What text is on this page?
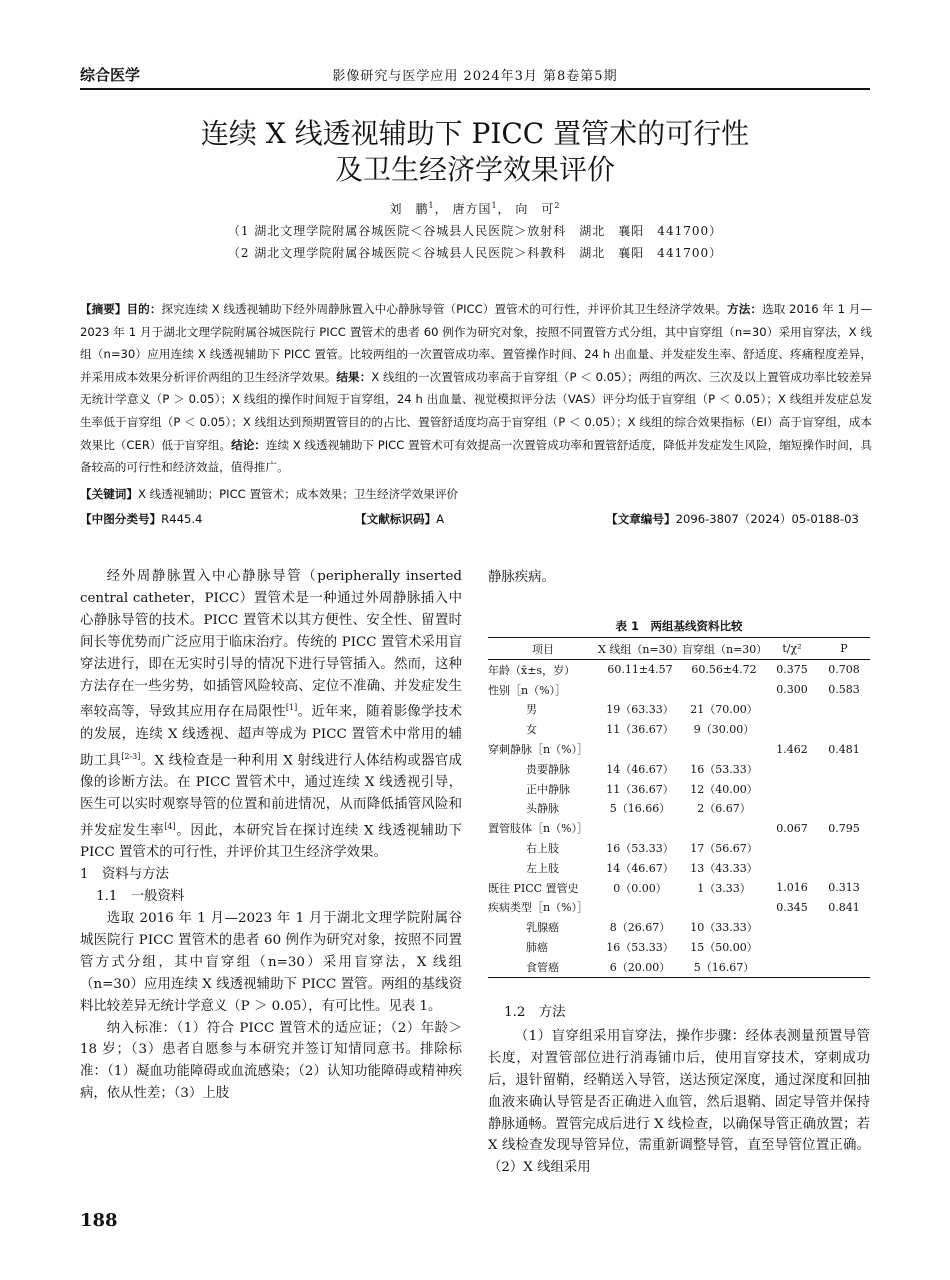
综合医学	影像研究与医学应用 2024年3月 第8卷第5期
连续 X 线透视辅助下 PICC 置管术的可行性
及卫生经济学效果评价
刘　鹏$^1$， 唐方国$^1$， 向　可$^2$
（1 湖北文理学院附属谷城医院＜谷城县人民医院＞放射科　湖北　襄阳　441700）
（2 湖北文理学院附属谷城医院＜谷城县人民医院＞科教科　湖北　襄阳　441700）
【摘要】目的：探究连续 X 线透视辅助下经外周静脉置入中心静脉导管（PICC）置管术的可行性，并评价其卫生经济学效果。方法：选取 2016 年 1 月—2023 年 1 月于湖北文理学院附属谷城医院行 PICC 置管术的患者 60 例作为研究对象，按照不同置管方式分组，其中盲穿组（n=30）采用盲穿法，X 线组（n=30）应用连续 X 线透视辅助下 PICC 置管。比较两组的一次置管成功率、置管操作时间、24 h 出血量、并发症发生率、舒适度、疼痛程度差异，并采用成本效果分析评价两组的卫生经济学效果。结果：X 线组的一次置管成功率高于盲穿组（P ＜ 0.05）；两组的两次、三次及以上置管成功率比较差异无统计学意义（P ＞ 0.05）；X 线组的操作时间短于盲穿组，24 h 出血量、视觉模拟评分法（VAS）评分均低于盲穿组（P ＜ 0.05）；X 线组并发症总发生率低于盲穿组（P ＜ 0.05）；X 线组达到预期置管目的的占比、置管舒适度均高于盲穿组（P ＜ 0.05）；X 线组的综合效果指标（EI）高于盲穿组，成本效果比（CER）低于盲穿组。结论：连续 X 线透视辅助下 PICC 置管术可有效提高一次置管成功率和置管舒适度，降低并发症发生风险，缩短操作时间，具备较高的可行性和经济效益，值得推广。
【关键词】X 线透视辅助；PICC 置管术；成本效果；卫生经济学效果评价
【中图分类号】R445.4	【文献标识码】A	【文章编号】2096-3807（2024）05-0188-03

经外周静脉置入中心静脉导管（peripherally inserted central catheter，PICC）置管术是一种通过外周静脉插入中心静脉导管的技术。PICC 置管术以其方便性、安全性、留置时间长等优势而广泛应用于临床治疗。传统的 PICC 置管术采用盲穿法进行，即在无实时引导的情况下进行导管插入。然而，这种方法存在一些劣势，如插管风险较高、定位不准确、并发症发生率较高等，导致其应用存在局限性[1]。近年来，随着影像学技术的发展，连续 X 线透视、超声等成为 PICC 置管术中常用的辅助工具[2-3]。X 线检查是一种利用 X 射线进行人体结构或器官成像的诊断方法。在 PICC 置管术中，通过连续 X 线透视引导，医生可以实时观察导管的位置和前进情况，从而降低插管风险和并发症发生率[4]。因此，本研究旨在探讨连续 X 线透视辅助下 PICC 置管术的可行性，并评价其卫生经济学效果。

1　资料与方法

1.1　一般资料

选取 2016 年 1 月—2023 年 1 月于湖北文理学院附属谷城医院行 PICC 置管术的患者 60 例作为研究对象，按照不同置管方式分组，其中盲穿组（n=30）采用盲穿法，X 线组（n=30）应用连续 X 线透视辅助下 PICC 置管。两组的基线资料比较差异无统计学意义（P ＞ 0.05），有可比性。见表 1。

纳入标准：（1）符合 PICC 置管术的适应证；（2）年龄＞ 18 岁；（3）患者自愿参与本研究并签订知情同意书。排除标准：（1）凝血功能障碍或血流感染；（2）认知功能障碍或精神疾病，依从性差；（3）上肢

静脉疾病。
表 1　两组基线资料比较
项目	X 线组（n=30）	盲穿组（n=30）	t/χ²	P
年龄（x̄±s，岁）	60.11±4.57	60.56±4.72	0.375	0.708
性别［n（%）］			0.300	0.583
男	19（63.33）	21（70.00）		
女	11（36.67）	9（30.00）		
穿刺静脉［n（%）］			1.462	0.481
贵要静脉	14（46.67）	16（53.33）		
正中静脉	11（36.67）	12（40.00）		
头静脉	5（16.66）	2（6.67）		
置管肢体［n（%）］			0.067	0.795
右上肢	16（53.33）	17（56.67）		
左上肢	14（46.67）	13（43.33）		
既往 PICC 置管史	0（0.00）	1（3.33）	1.016	0.313
疾病类型［n（%）］			0.345	0.841
乳腺癌	8（26.67）	10（33.33）		
肺癌	16（53.33）	15（50.00）		
食管癌	6（20.00）	5（16.67）		

1.2　方法

（1）盲穿组采用盲穿法，操作步骤：经体表测量预置导管长度，对置管部位进行消毒铺巾后，使用盲穿技术，穿刺成功后，退针留鞘，经鞘送入导管，送达预定深度，通过深度和回抽血液来确认导管是否正确进入血管，然后退鞘、固定导管并保持静脉通畅。置管完成后进行 X 线检查，以确保导管正确放置；若 X 线检查发现导管异位，需重新调整导管，直至导管位置正确。（2）X 线组采用

188
